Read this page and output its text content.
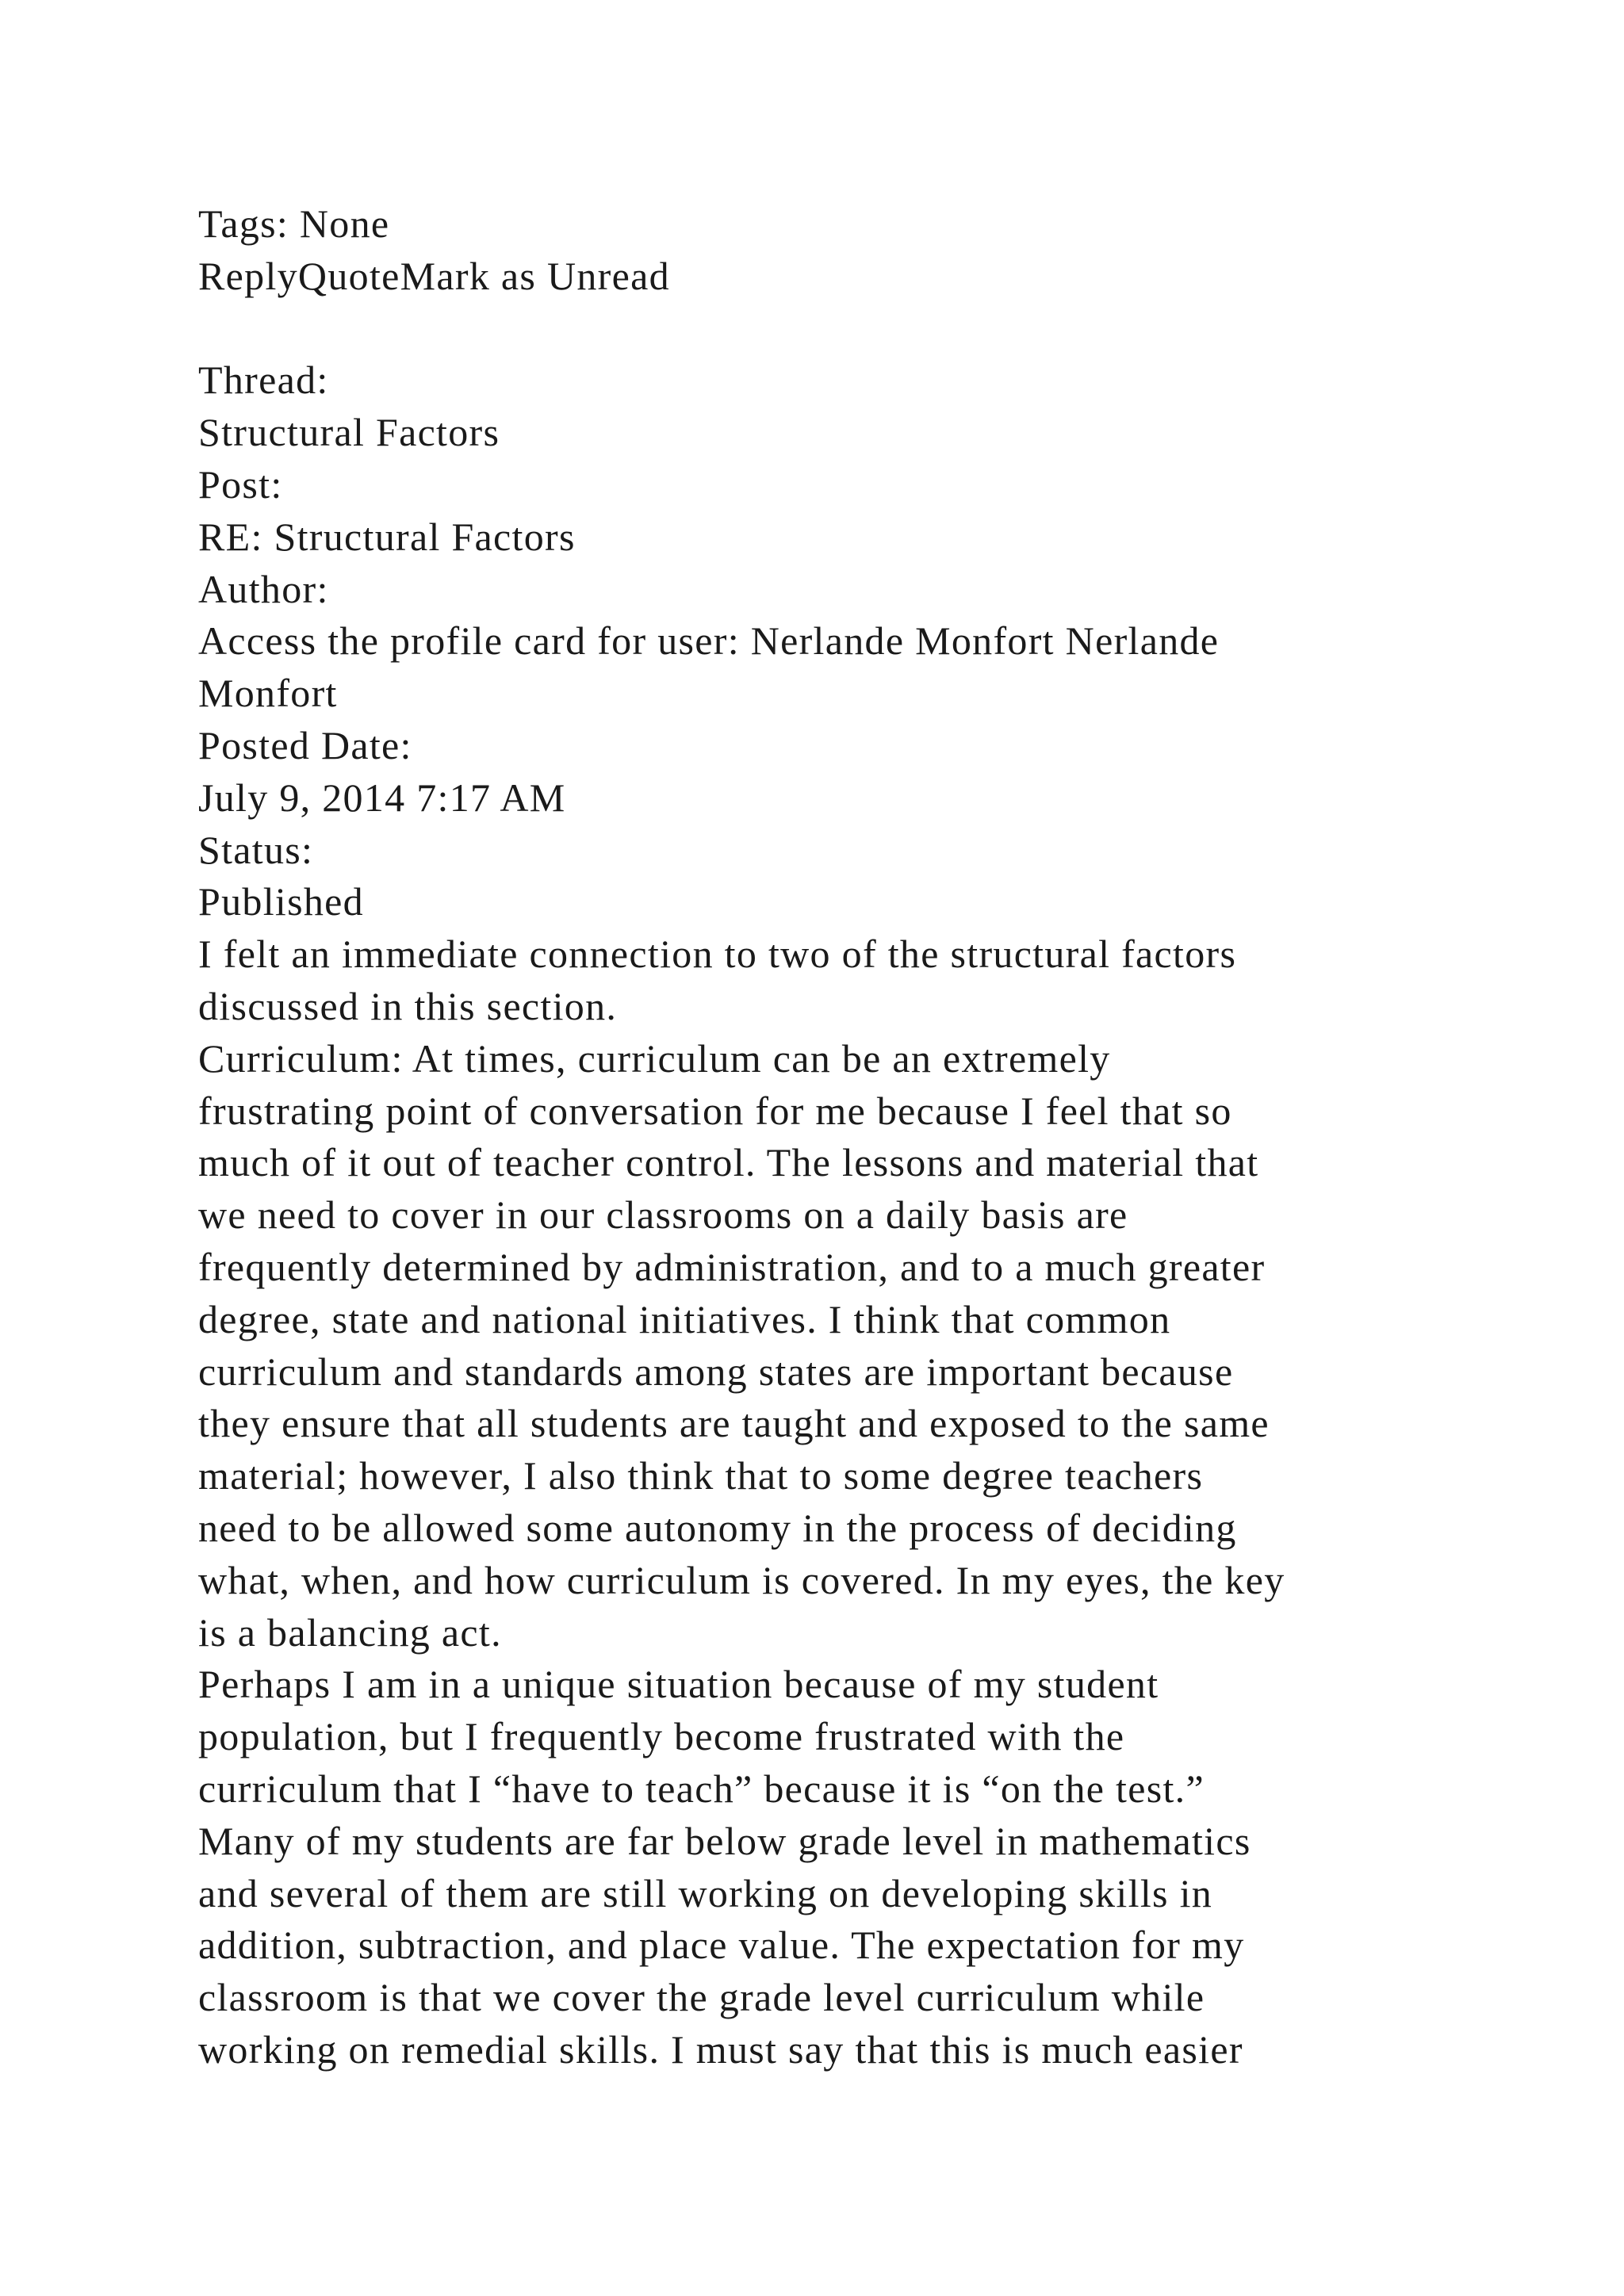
Tags: None
ReplyQuoteMark as Unread
Thread:
Structural Factors
Post:
RE: Structural Factors
Author:
Access the profile card for user: Nerlande Monfort Nerlande
Monfort
Posted Date:
July 9, 2014 7:17 AM
Status:
Published
I felt an immediate connection to two of the structural factors
discussed in this section.
Curriculum: At times, curriculum can be an extremely
frustrating point of conversation for me because I feel that so
much of it out of teacher control. The lessons and material that
we need to cover in our classrooms on a daily basis are
frequently determined by administration, and to a much greater
degree, state and national initiatives. I think that common
curriculum and standards among states are important because
they ensure that all students are taught and exposed to the same
material; however, I also think that to some degree teachers
need to be allowed some autonomy in the process of deciding
what, when, and how curriculum is covered. In my eyes, the key
is a balancing act.
Perhaps I am in a unique situation because of my student
population, but I frequently become frustrated with the
curriculum that I “have to teach” because it is “on the test.”
Many of my students are far below grade level in mathematics
and several of them are still working on developing skills in
addition, subtraction, and place value. The expectation for my
classroom is that we cover the grade level curriculum while
working on remedial skills. I must say that this is much easier
